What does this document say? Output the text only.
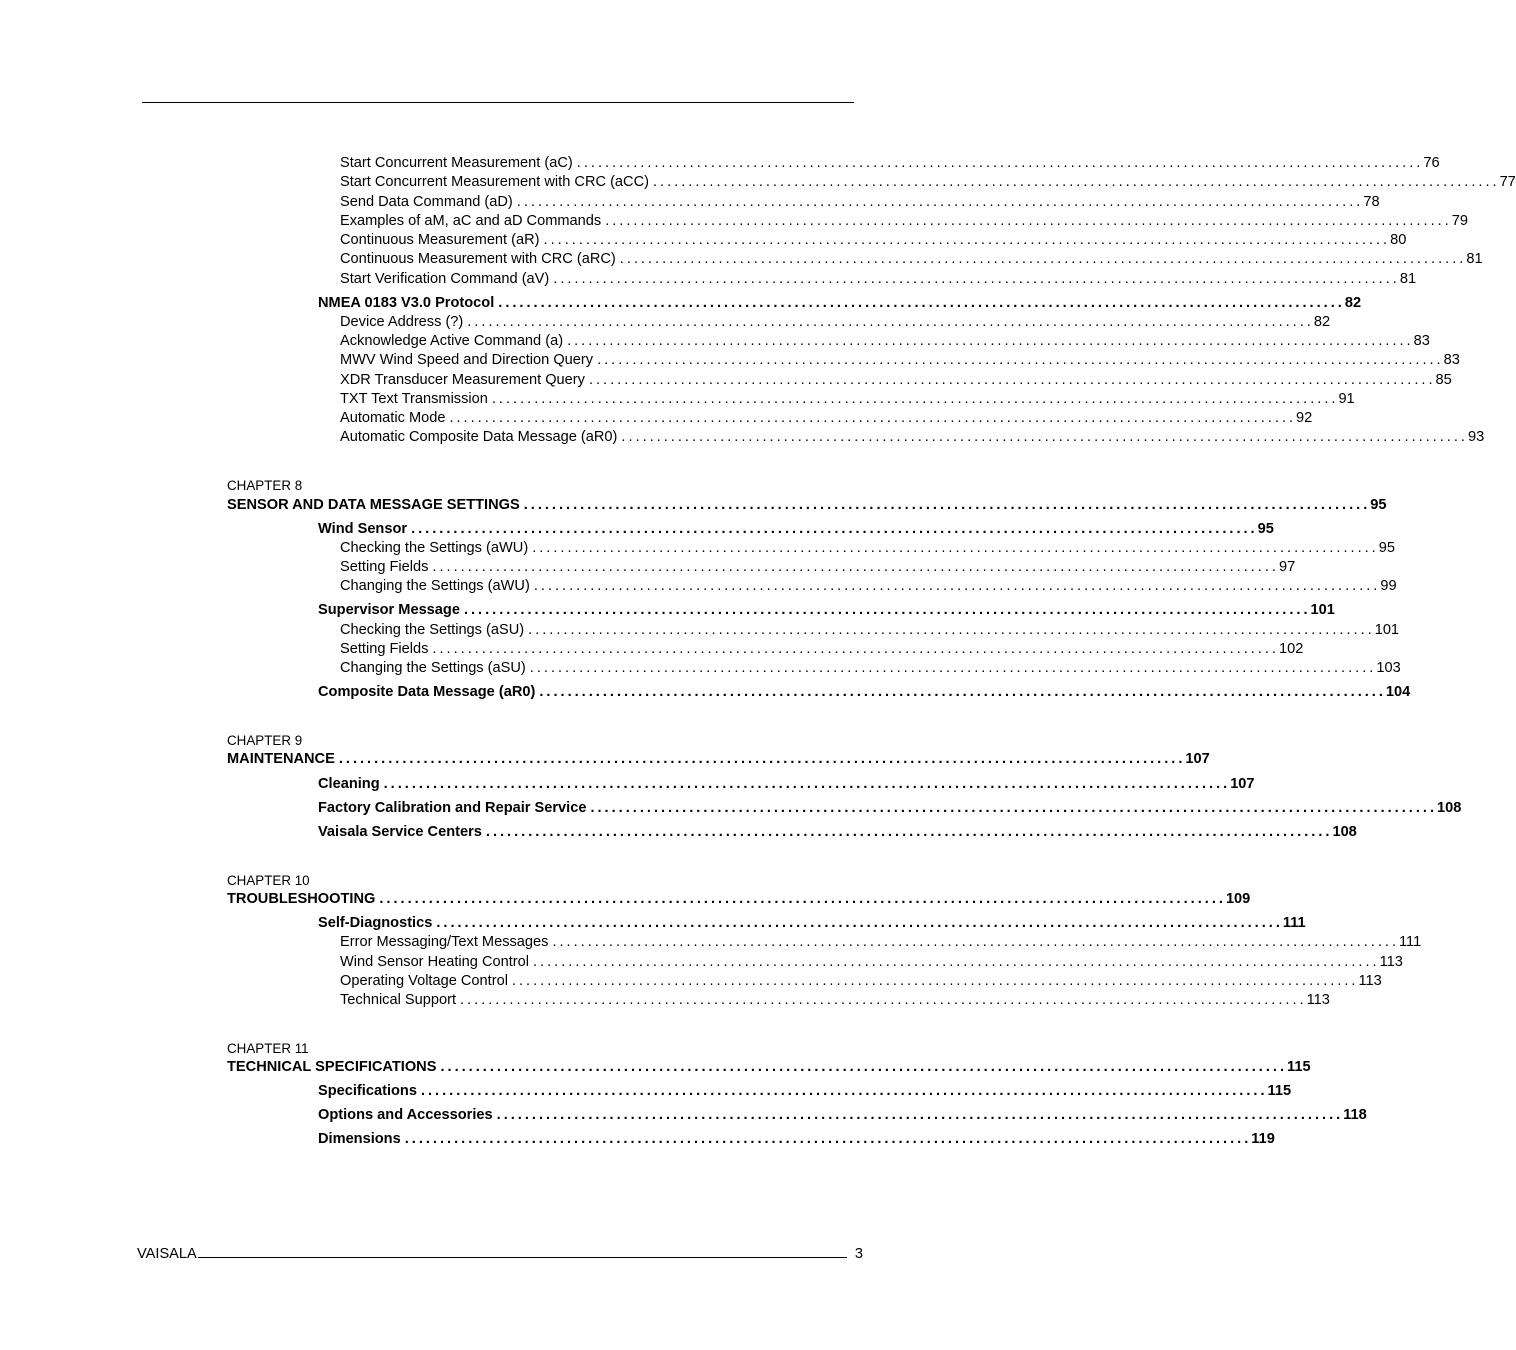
Start Concurrent Measurement (aC) ........................................................................................................................ 76
Start Concurrent Measurement with CRC (aCC) ........................................................................................................................ 77
Send Data Command (aD) ........................................................................................................................ 78
Examples of aM, aC and aD Commands ........................................................................................................................ 79
Continuous Measurement (aR) ........................................................................................................................ 80
Continuous Measurement with CRC (aRC) ........................................................................................................................ 81
Start Verification Command (aV) ........................................................................................................................ 81
NMEA 0183 V3.0 Protocol ........................................................................................................................ 82
Device Address (?) ........................................................................................................................ 82
Acknowledge Active Command (a) ........................................................................................................................ 83
MWV Wind Speed and Direction Query ........................................................................................................................ 83
XDR Transducer Measurement Query ........................................................................................................................ 85
TXT Text Transmission ........................................................................................................................ 91
Automatic Mode ........................................................................................................................ 92
Automatic Composite Data Message (aR0) ........................................................................................................................ 93
CHAPTER 8
SENSOR AND DATA MESSAGE SETTINGS ........................................................................................................................ 95
Wind Sensor ........................................................................................................................ 95
Checking the Settings (aWU) ........................................................................................................................ 95
Setting Fields ........................................................................................................................ 97
Changing the Settings (aWU) ........................................................................................................................ 99
Supervisor Message ........................................................................................................................ 101
Checking the Settings (aSU) ........................................................................................................................ 101
Setting Fields ........................................................................................................................ 102
Changing the Settings (aSU) ........................................................................................................................ 103
Composite Data Message (aR0) ........................................................................................................................ 104
CHAPTER 9
MAINTENANCE ........................................................................................................................ 107
Cleaning ........................................................................................................................ 107
Factory Calibration and Repair Service ........................................................................................................................ 108
Vaisala Service Centers ........................................................................................................................ 108
CHAPTER 10
TROUBLESHOOTING ........................................................................................................................ 109
Self-Diagnostics ........................................................................................................................ 111
Error Messaging/Text Messages ........................................................................................................................ 111
Wind Sensor Heating Control ........................................................................................................................ 113
Operating Voltage Control ........................................................................................................................ 113
Technical Support ........................................................................................................................ 113
CHAPTER 11
TECHNICAL SPECIFICATIONS ........................................................................................................................ 115
Specifications ........................................................................................................................ 115
Options and Accessories ........................................................................................................................ 118
Dimensions ........................................................................................................................ 119
VAISALA	3
